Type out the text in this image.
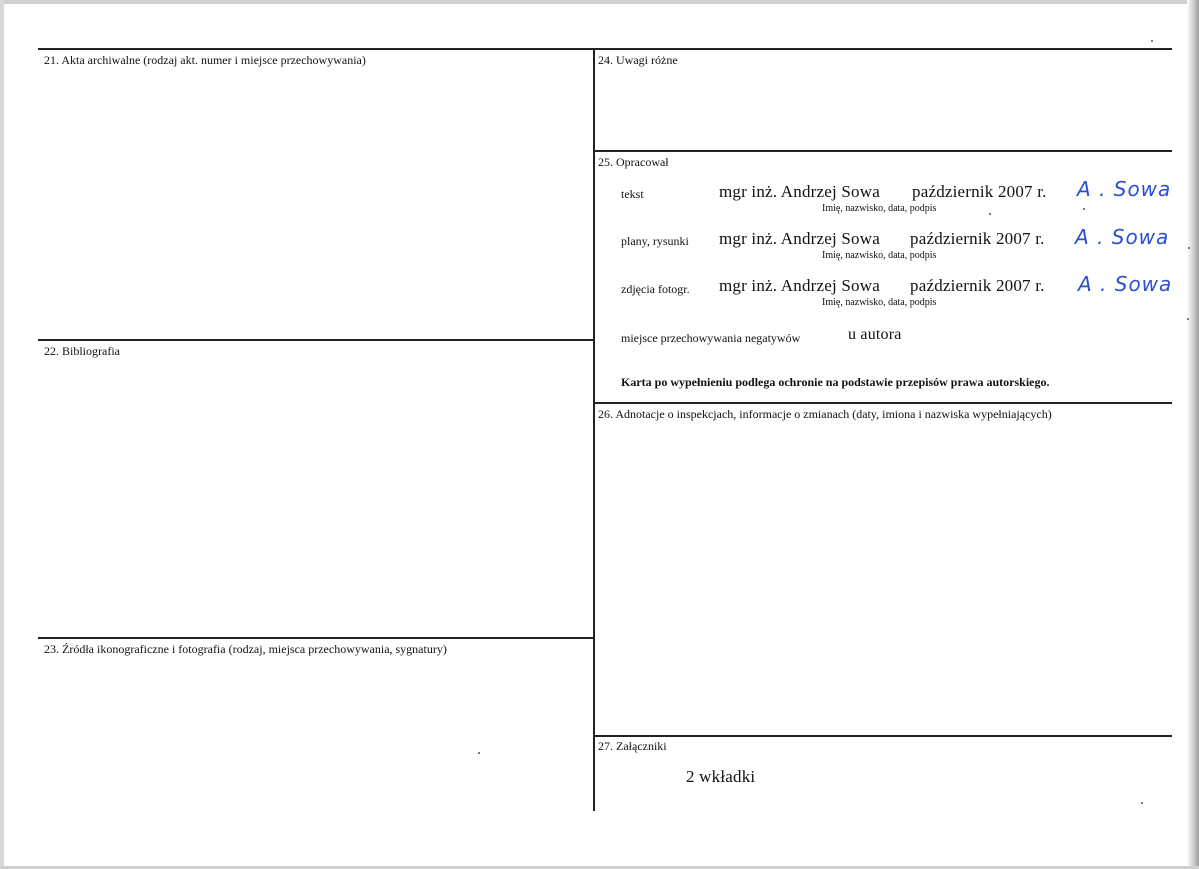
21. Akta archiwalne (rodzaj akt. numer i miejsce przechowywania)
22. Bibliografia
23. Źródła ikonograficzne i fotografia (rodzaj, miejsca przechowywania, sygnatury)
24. Uwagi różne
25. Opracował
tekst	mgr inż. Andrzej Sowa październik 2007 r.
Imię, nazwisko, data, podpis
A . Sowa
plany, rysunki mgr inż. Andrzej Sowa październik 2007 r.
Imię, nazwisko, data, podpis
A . Sowa
zdjęcia fotogr. mgr inż. Andrzej Sowa październik 2007 r.
Imię, nazwisko, data, podpis
A . Sowa
miejsce przechowywania negatywów	u autora
Karta po wypełnieniu podlega ochronie na podstawie przepisów prawa autorskiego.
26. Adnotacje o inspekcjach, informacje o zmianach (daty, imiona i nazwiska wypełniających)
27. Załączniki
2 wkładki
